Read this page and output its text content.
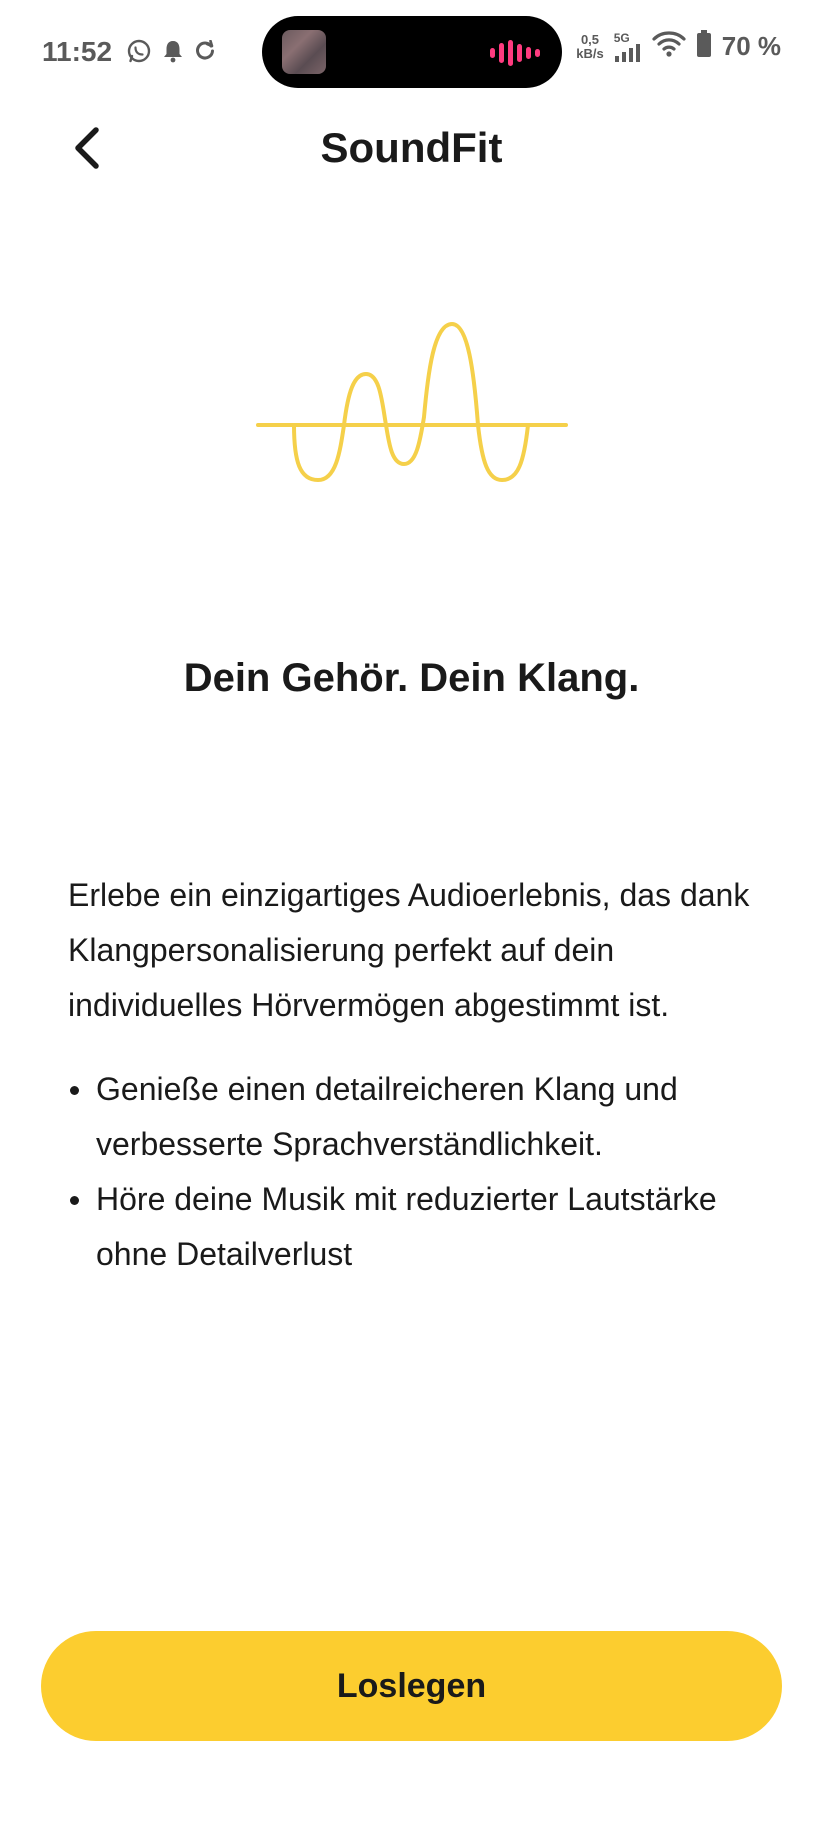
11:52	0,5
kB/s
5G	70 %
SoundFit
Dein Gehör. Dein Klang.
Erlebe ein einzigartiges Audioerlebnis, das dank Klangpersonalisierung perfekt auf dein individuelles Hörvermögen abgestimmt ist.
Genieße einen detailreicheren Klang und verbesserte Sprachverständlichkeit.
Höre deine Musik mit reduzierter Lautstärke ohne Detailverlust
Loslegen
